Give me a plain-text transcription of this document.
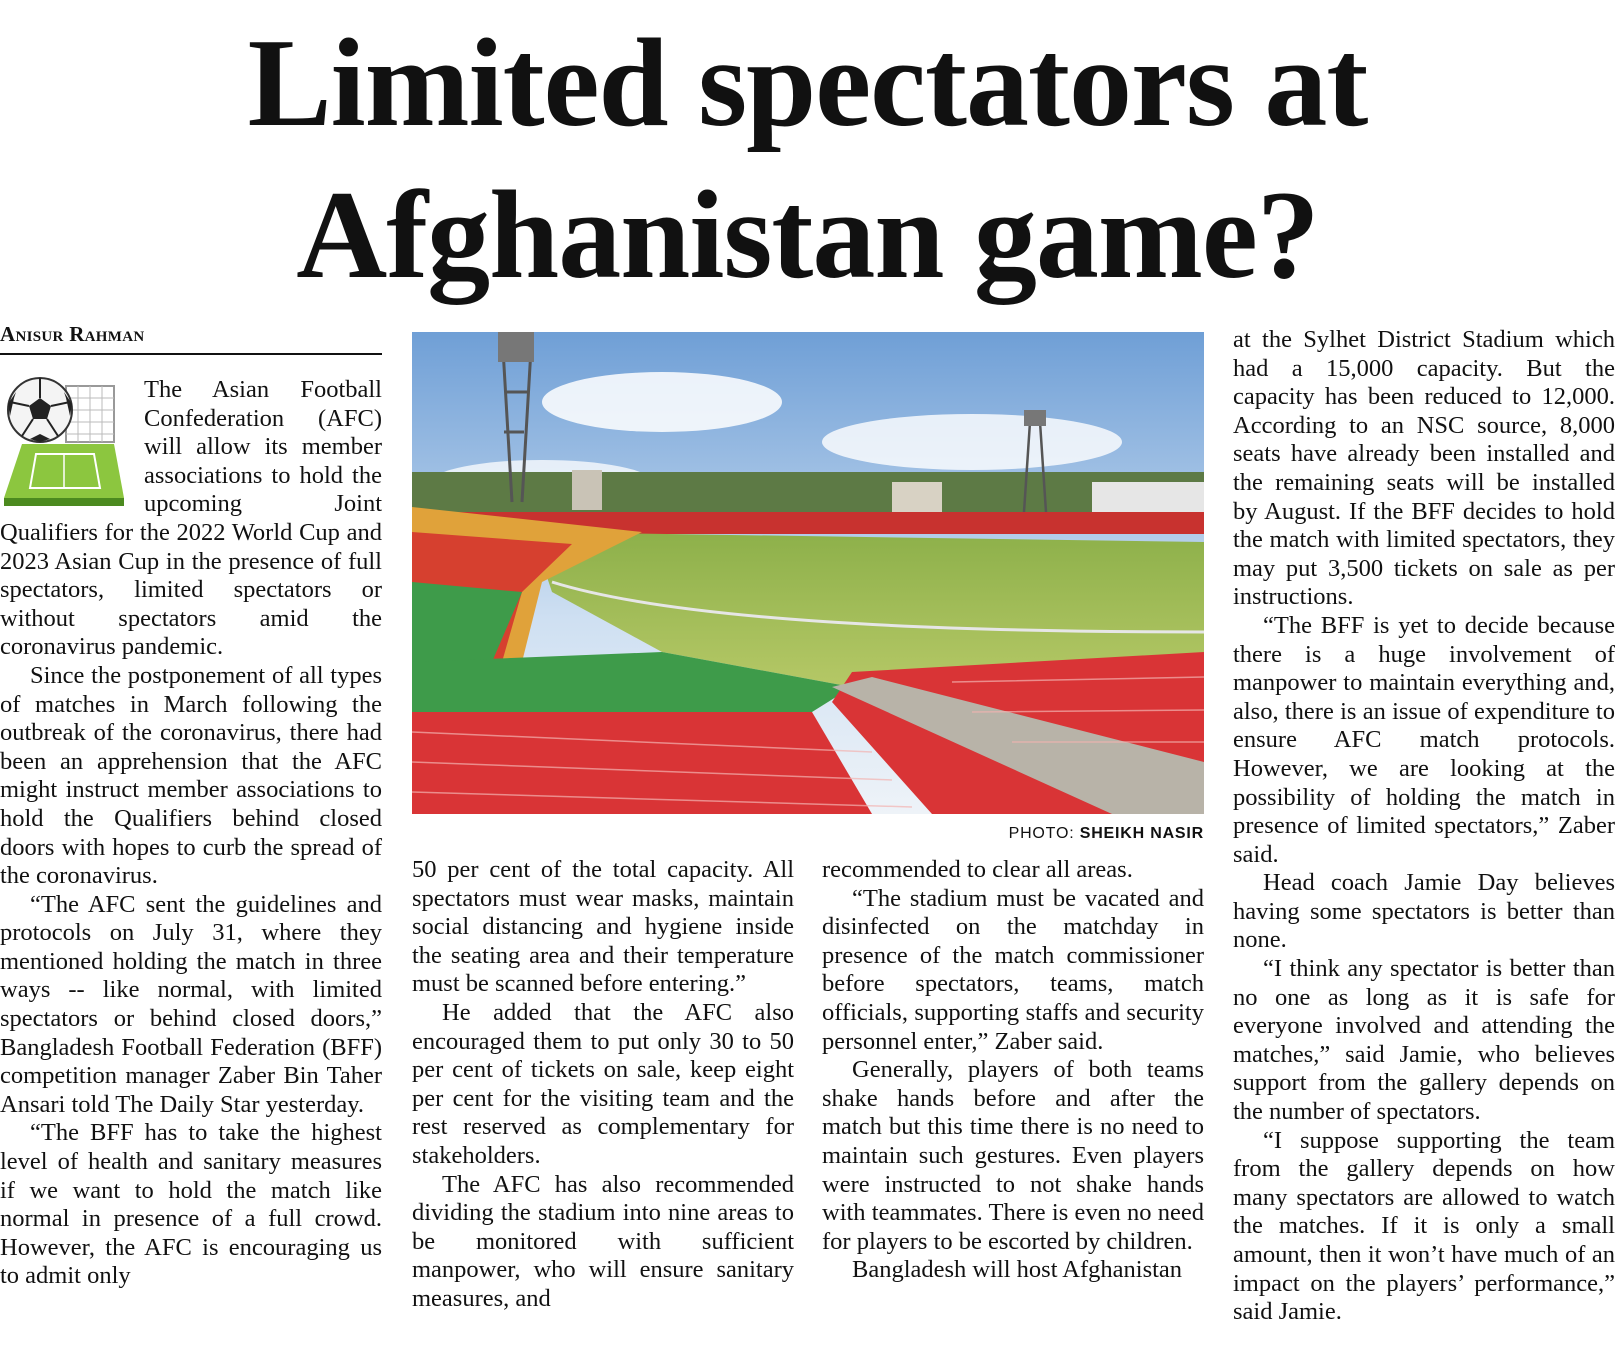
Limited spectators at
Afghanistan game?
Anisur Rahman

The Asian Football Confederation (AFC) will allow its member associations to hold the upcoming Joint Qualifiers for the 2022 World Cup and 2023 Asian Cup in the presence of full spectators, limited spectators or without spectators amid the coronavirus pandemic.

Since the postponement of all types of matches in March following the outbreak of the coronavirus, there had been an apprehension that the AFC might instruct member associations to hold the Qualifiers behind closed doors with hopes to curb the spread of the coronavirus.

“The AFC sent the guidelines and protocols on July 31, where they mentioned holding the match in three ways -- like normal, with limited spectators or behind closed doors,” Bangladesh Football Federation (BFF) competition manager Zaber Bin Taher Ansari told The Daily Star yesterday.

“The BFF has to take the highest level of health and sanitary measures if we want to hold the match like normal in presence of a full crowd. However, the AFC is encouraging us to admit only

PHOTO: SHEIKH NASIR

50 per cent of the total capacity. All spectators must wear masks, maintain social distancing and hygiene inside the seating area and their temperature must be scanned before entering.”

He added that the AFC also encouraged them to put only 30 to 50 per cent of tickets on sale, keep eight per cent for the visiting team and the rest reserved as complementary for stakeholders.

The AFC has also recommended dividing the stadium into nine areas to be monitored with sufficient manpower, who will ensure sanitary measures, and

recommended to clear all areas.

“The stadium must be vacated and disinfected on the matchday in presence of the match commissioner before spectators, teams, match officials, supporting staffs and security personnel enter,” Zaber said.

Generally, players of both teams shake hands before and after the match but this time there is no need to maintain such gestures. Even players were instructed to not shake hands with teammates. There is even no need for players to be escorted by children.

Bangladesh will host Afghanistan

at the Sylhet District Stadium which had a 15,000 capacity. But the capacity has been reduced to 12,000. According to an NSC source, 8,000 seats have already been installed and the remaining seats will be installed by August. If the BFF decides to hold the match with limited spectators, they may put 3,500 tickets on sale as per instructions.

“The BFF is yet to decide because there is a huge involvement of manpower to maintain everything and, also, there is an issue of expenditure to ensure AFC match protocols. However, we are looking at the possibility of holding the match in presence of limited spectators,” Zaber said.

Head coach Jamie Day believes having some spectators is better than none.

“I think any spectator is better than no one as long as it is safe for everyone involved and attending the matches,” said Jamie, who believes support from the gallery depends on the number of spectators.

“I suppose supporting the team from the gallery depends on how many spectators are allowed to watch the matches. If it is only a small amount, then it won’t have much of an impact on the players’ performance,” said Jamie.
